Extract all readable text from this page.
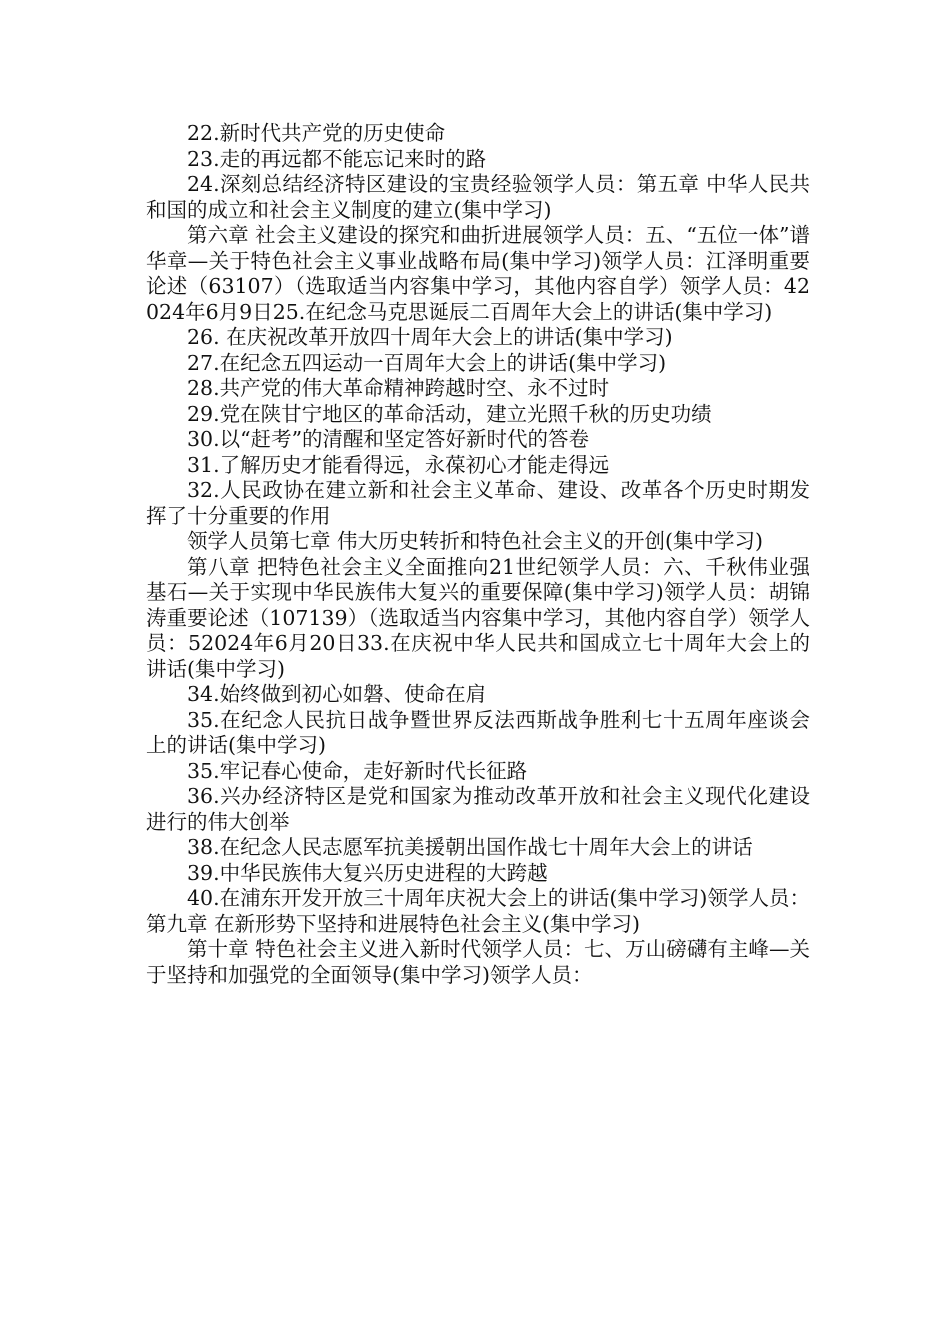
22.新时代共产党的历史使命

23.走的再远都不能忘记来时的路

24.深刻总结经济特区建设的宝贵经验领学人员：第五章 中华人民共和国的成立和社会主义制度的建立(集中学习)

第六章 社会主义建设的探究和曲折进展领学人员：五、“五位一体”谱华章—关于特色社会主义事业战略布局(集中学习)领学人员：江泽明重要论述（63107）（选取适当内容集中学习，其他内容自学）领学人员：42024年6月9日25.在纪念马克思诞辰二百周年大会上的讲话(集中学习)

26. 在庆祝改革开放四十周年大会上的讲话(集中学习)

27.在纪念五四运动一百周年大会上的讲话(集中学习)

28.共产党的伟大革命精神跨越时空、永不过时

29.党在陕甘宁地区的革命活动，建立光照千秋的历史功绩

30.以“赶考”的清醒和坚定答好新时代的答卷

31.了解历史才能看得远，永葆初心才能走得远

32.人民政协在建立新和社会主义革命、建设、改革各个历史时期发挥了十分重要的作用

领学人员第七章 伟大历史转折和特色社会主义的开创(集中学习)

第八章 把特色社会主义全面推向21世纪领学人员：六、千秋伟业强基石—关于实现中华民族伟大复兴的重要保障(集中学习)领学人员：胡锦涛重要论述（107139）（选取适当内容集中学习，其他内容自学）领学人员：52024年6月20日33.在庆祝中华人民共和国成立七十周年大会上的讲话(集中学习)

34.始终做到初心如磐、使命在肩

35.在纪念人民抗日战争暨世界反法西斯战争胜利七十五周年座谈会上的讲话(集中学习)

35.牢记春心使命，走好新时代长征路

36.兴办经济特区是党和国家为推动改革开放和社会主义现代化建设进行的伟大创举

38.在纪念人民志愿军抗美援朝出国作战七十周年大会上的讲话

39.中华民族伟大复兴历史进程的大跨越

40.在浦东开发开放三十周年庆祝大会上的讲话(集中学习)领学人员：第九章 在新形势下坚持和进展特色社会主义(集中学习)

第十章 特色社会主义进入新时代领学人员：七、万山磅礴有主峰—关于坚持和加强党的全面领导(集中学习)领学人员：
